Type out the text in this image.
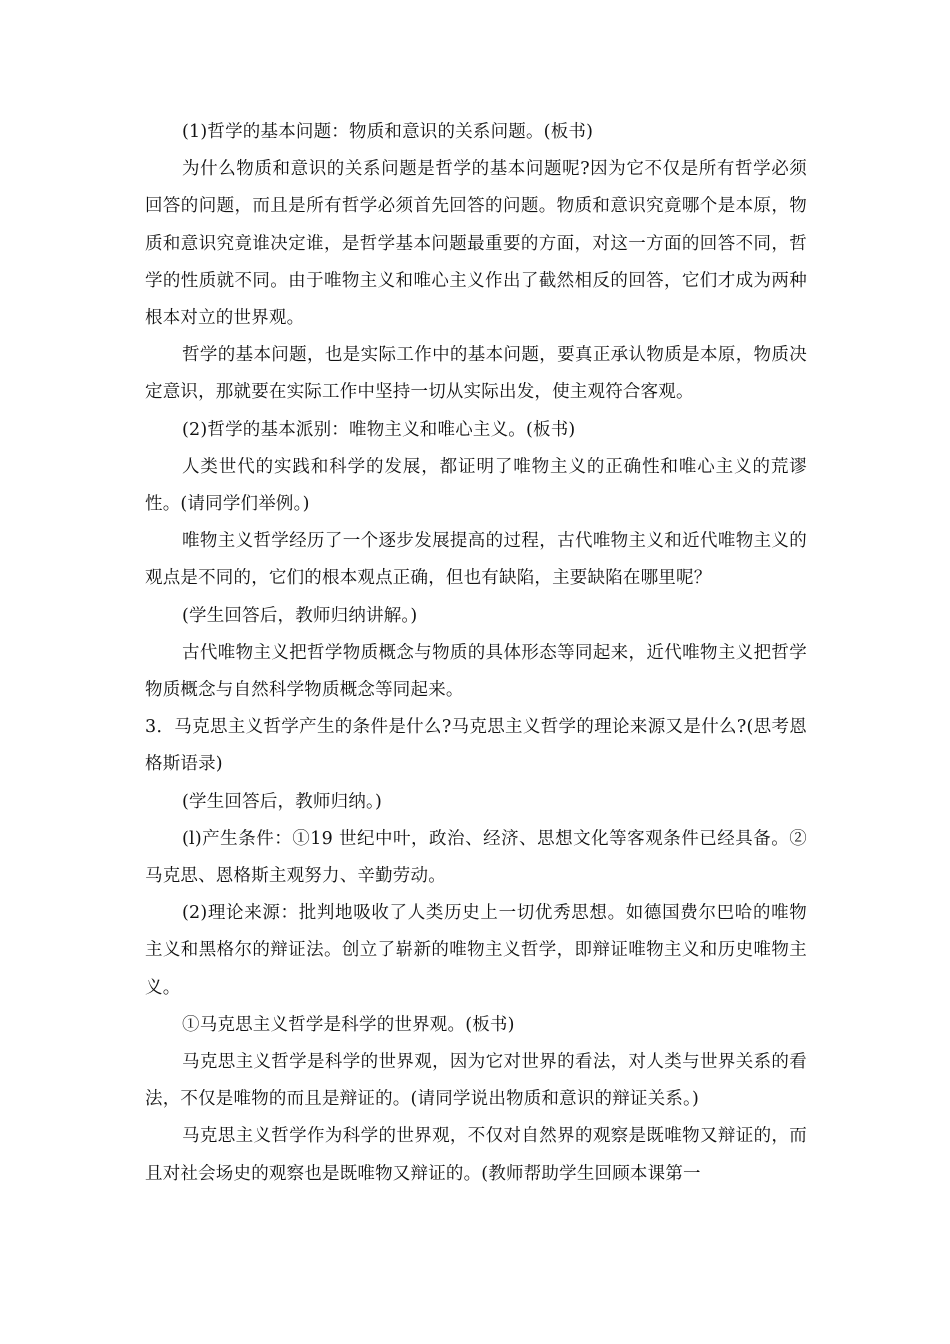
(1)哲学的基本问题：物质和意识的关系问题。(板书)

为什么物质和意识的关系问题是哲学的基本问题呢?因为它不仅是所有哲学必须回答的问题，而且是所有哲学必须首先回答的问题。物质和意识究竟哪个是本原，物质和意识究竟谁决定谁，是哲学基本问题最重要的方面，对这一方面的回答不同，哲学的性质就不同。由于唯物主义和唯心主义作出了截然相反的回答，它们才成为两种根本对立的世界观。

哲学的基本问题，也是实际工作中的基本问题，要真正承认物质是本原，物质决定意识，那就要在实际工作中坚持一切从实际出发，使主观符合客观。

(2)哲学的基本派别：唯物主义和唯心主义。(板书)

人类世代的实践和科学的发展，都证明了唯物主义的正确性和唯心主义的荒谬性。(请同学们举例。)

唯物主义哲学经历了一个逐步发展提高的过程，古代唯物主义和近代唯物主义的观点是不同的，它们的根本观点正确，但也有缺陷，主要缺陷在哪里呢？

(学生回答后，教师归纳讲解。)

古代唯物主义把哲学物质概念与物质的具体形态等同起来，近代唯物主义把哲学物质概念与自然科学物质概念等同起来。

3．马克思主义哲学产生的条件是什么?马克思主义哲学的理论来源又是什么?(思考恩格斯语录)

(学生回答后，教师归纳。)

(l)产生条件：①19 世纪中叶，政治、经济、思想文化等客观条件已经具备。②马克思、恩格斯主观努力、辛勤劳动。

(2)理论来源：批判地吸收了人类历史上一切优秀思想。如德国费尔巴哈的唯物主义和黑格尔的辩证法。创立了崭新的唯物主义哲学，即辩证唯物主义和历史唯物主义。

①马克思主义哲学是科学的世界观。(板书)

马克思主义哲学是科学的世界观，因为它对世界的看法，对人类与世界关系的看法，不仅是唯物的而且是辩证的。(请同学说出物质和意识的辩证关系。)

马克思主义哲学作为科学的世界观，不仅对自然界的观察是既唯物又辩证的，而且对社会场史的观察也是既唯物又辩证的。(教师帮助学生回顾本课第一
